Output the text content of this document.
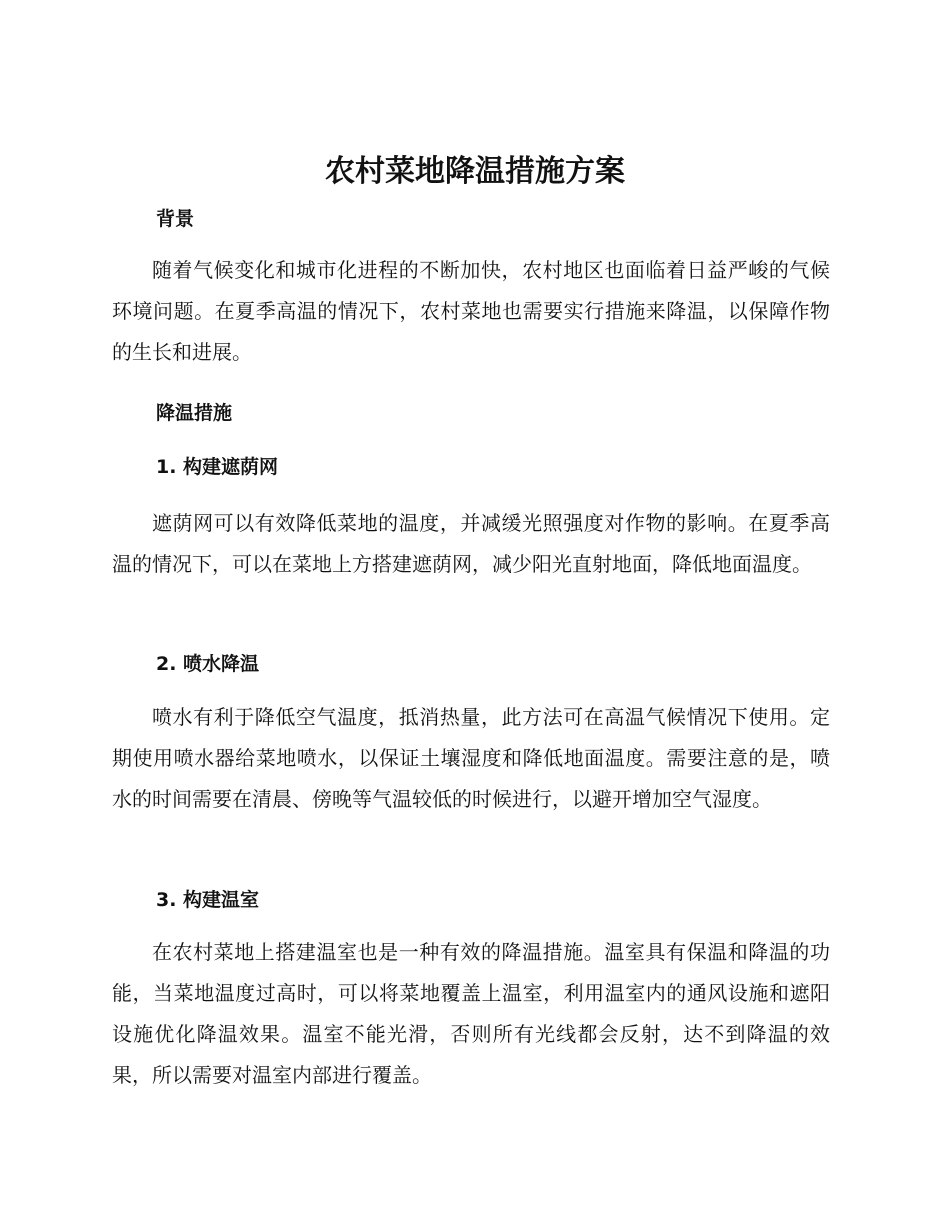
农村菜地降温措施方案
背景

随着气候变化和城市化进程的不断加快，农村地区也面临着日益严峻的气候环境问题。在夏季高温的情况下，农村菜地也需要实行措施来降温，以保障作物的生长和进展。

降温措施
1. 构建遮荫网

遮荫网可以有效降低菜地的温度，并减缓光照强度对作物的影响。在夏季高温的情况下，可以在菜地上方搭建遮荫网，减少阳光直射地面，降低地面温度。

2. 喷水降温

喷水有利于降低空气温度，抵消热量，此方法可在高温气候情况下使用。定期使用喷水器给菜地喷水，以保证土壤湿度和降低地面温度。需要注意的是，喷水的时间需要在清晨、傍晚等气温较低的时候进行，以避开增加空气湿度。

3. 构建温室

在农村菜地上搭建温室也是一种有效的降温措施。温室具有保温和降温的功能，当菜地温度过高时，可以将菜地覆盖上温室，利用温室内的通风设施和遮阳设施优化降温效果。温室不能光滑，否则所有光线都会反射，达不到降温的效果，所以需要对温室内部进行覆盖。
